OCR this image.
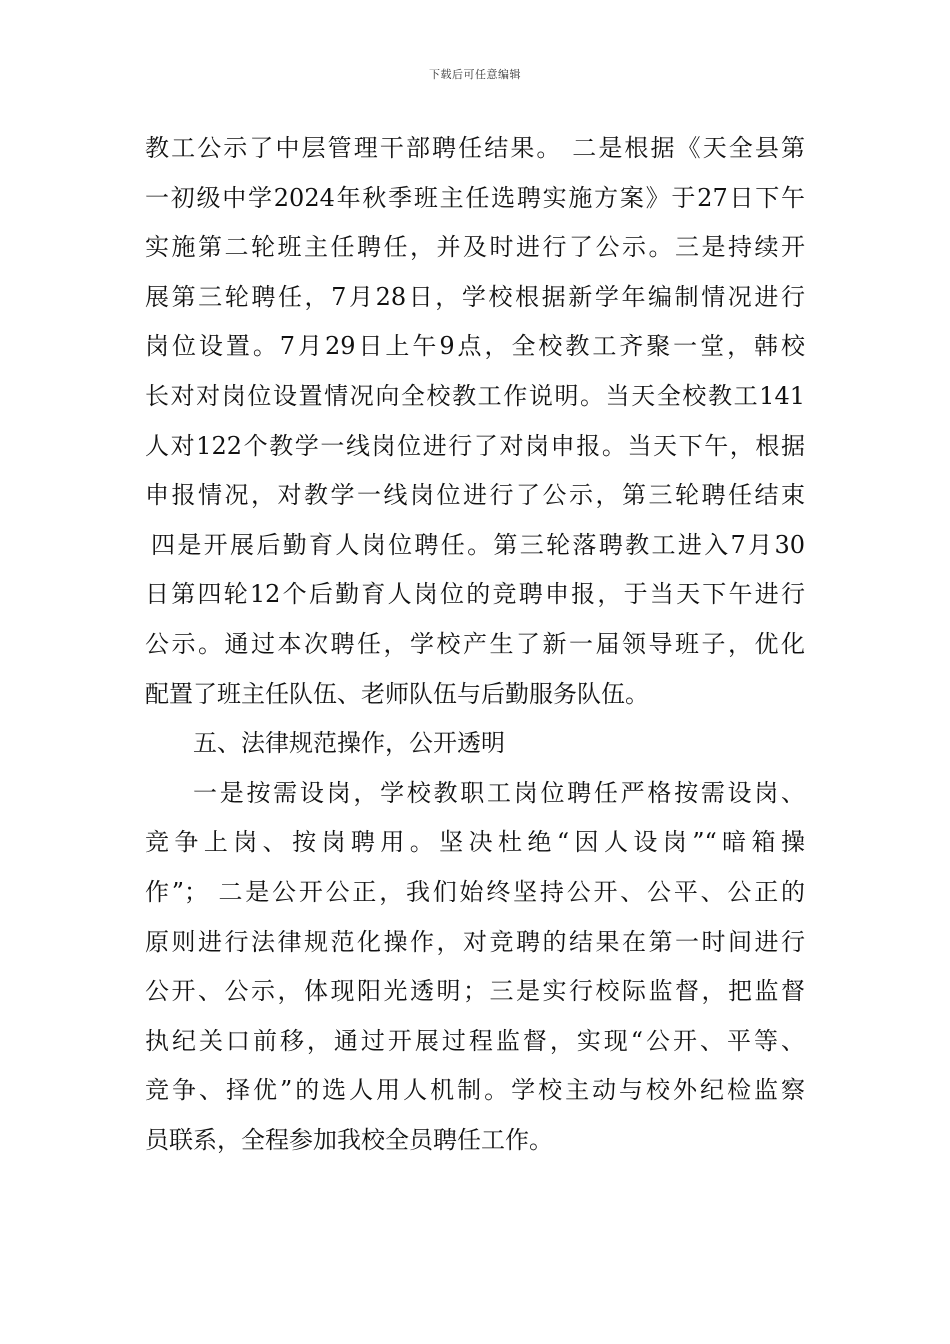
下载后可任意编辑
教工公示了中层管理干部聘任结果。 二是根据《天全县第
一初级中学2024年秋季班主任选聘实施方案》于27日下午
实施第二轮班主任聘任，并及时进行了公示。三是持续开
展第三轮聘任，7月28日，学校根据新学年编制情况进行
岗位设置。7月29日上午9点，全校教工齐聚一堂，韩校
长对对岗位设置情况向全校教工作说明。当天全校教工141
人对122个教学一线岗位进行了对岗申报。当天下午，根据
申报情况，对教学一线岗位进行了公示，第三轮聘任结束
四是开展后勤育人岗位聘任。第三轮落聘教工进入7月30
日第四轮12个后勤育人岗位的竞聘申报，于当天下午进行
公示。通过本次聘任，学校产生了新一届领导班子，优化
配置了班主任队伍、老师队伍与后勤服务队伍。
五、法律规范操作，公开透明
一是按需设岗，学校教职工岗位聘任严格按需设岗、
竞争上岗、按岗聘用。坚决杜绝“因人设岗”“暗箱操
作”； 二是公开公正，我们始终坚持公开、公平、公正的
原则进行法律规范化操作，对竞聘的结果在第一时间进行
公开、公示，体现阳光透明；三是实行校际监督，把监督
执纪关口前移，通过开展过程监督，实现“公开、平等、
竞争、择优”的选人用人机制。学校主动与校外纪检监察
员联系，全程参加我校全员聘任工作。
